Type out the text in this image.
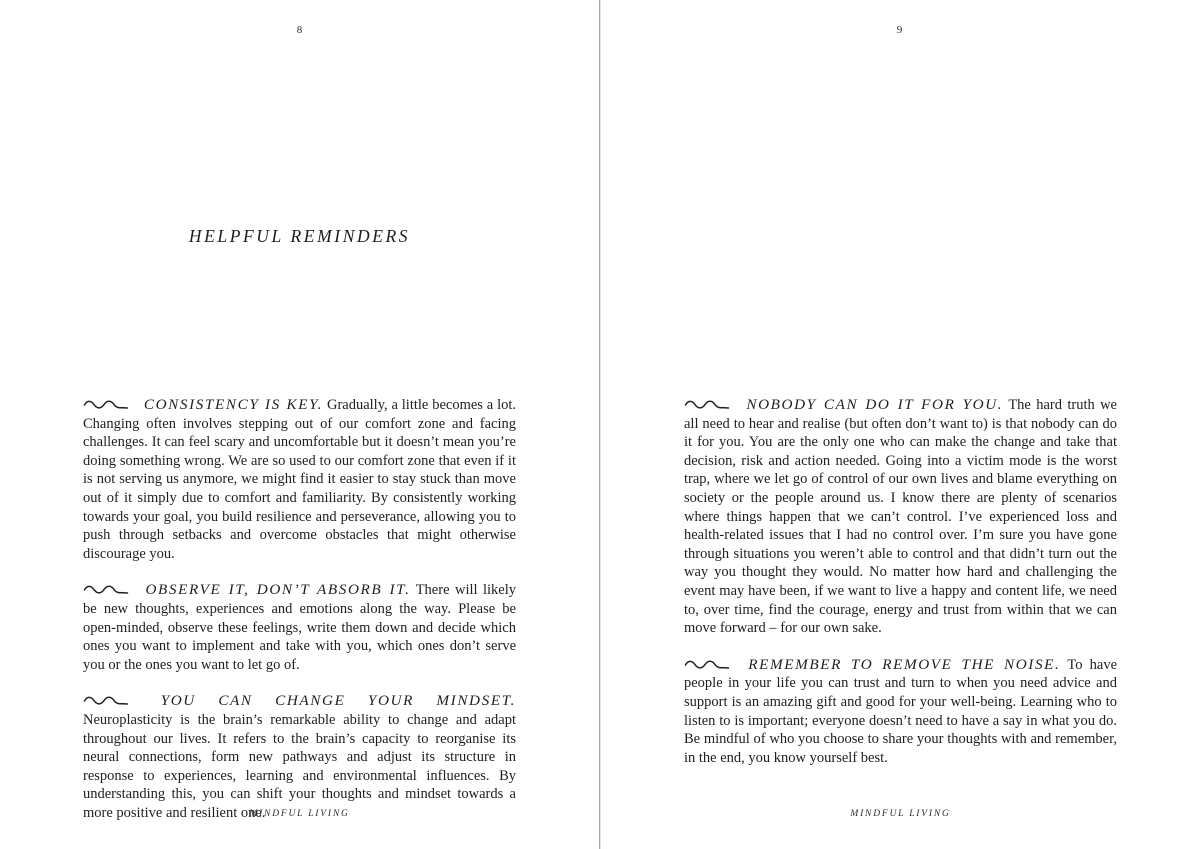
8
HELPFUL REMINDERS

CONSISTENCY IS KEY. Gradually, a little becomes a lot. Changing often involves stepping out of our comfort zone and facing challenges. It can feel scary and uncomfortable but it doesn’t mean you’re doing something wrong. We are so used to our comfort zone that even if it is not serving us anymore, we might find it easier to stay stuck than move out of it simply due to comfort and familiarity. By consistently working towards your goal, you build resilience and perseverance, allowing you to push through setbacks and overcome obstacles that might otherwise discourage you.

OBSERVE IT, DON’T ABSORB IT. There will likely be new thoughts, experiences and emotions along the way. Please be open-minded, observe these feelings, write them down and decide which ones you want to implement and take with you, which ones don’t serve you or the ones you want to let go of.

YOU CAN CHANGE YOUR MINDSET. Neuroplasticity is the brain’s remarkable ability to change and adapt throughout our lives. It refers to the brain’s capacity to reorganise its neural connections, form new pathways and adjust its structure in response to experiences, learning and environmental influences. By understanding this, you can shift your thoughts and mindset towards a more positive and resilient one.

MINDFUL LIVING
9

NOBODY CAN DO IT FOR YOU. The hard truth we all need to hear and realise (but often don’t want to) is that nobody can do it for you. You are the only one who can make the change and take that decision, risk and action needed. Going into a victim mode is the worst trap, where we let go of control of our own lives and blame everything on society or the people around us. I know there are plenty of scenarios where things happen that we can’t control. I’ve experienced loss and health-related issues that I had no control over. I’m sure you have gone through situations you weren’t able to control and that didn’t turn out the way you thought they would. No matter how hard and challenging the event may have been, if we want to live a happy and content life, we need to, over time, find the courage, energy and trust from within that we can move forward – for our own sake.

REMEMBER TO REMOVE THE NOISE. To have people in your life you can trust and turn to when you need advice and support is an amazing gift and good for your well-being. Learning who to listen to is important; everyone doesn’t need to have a say in what you do. Be mindful of who you choose to share your thoughts with and remember, in the end, you know yourself best.

MINDFUL LIVING
